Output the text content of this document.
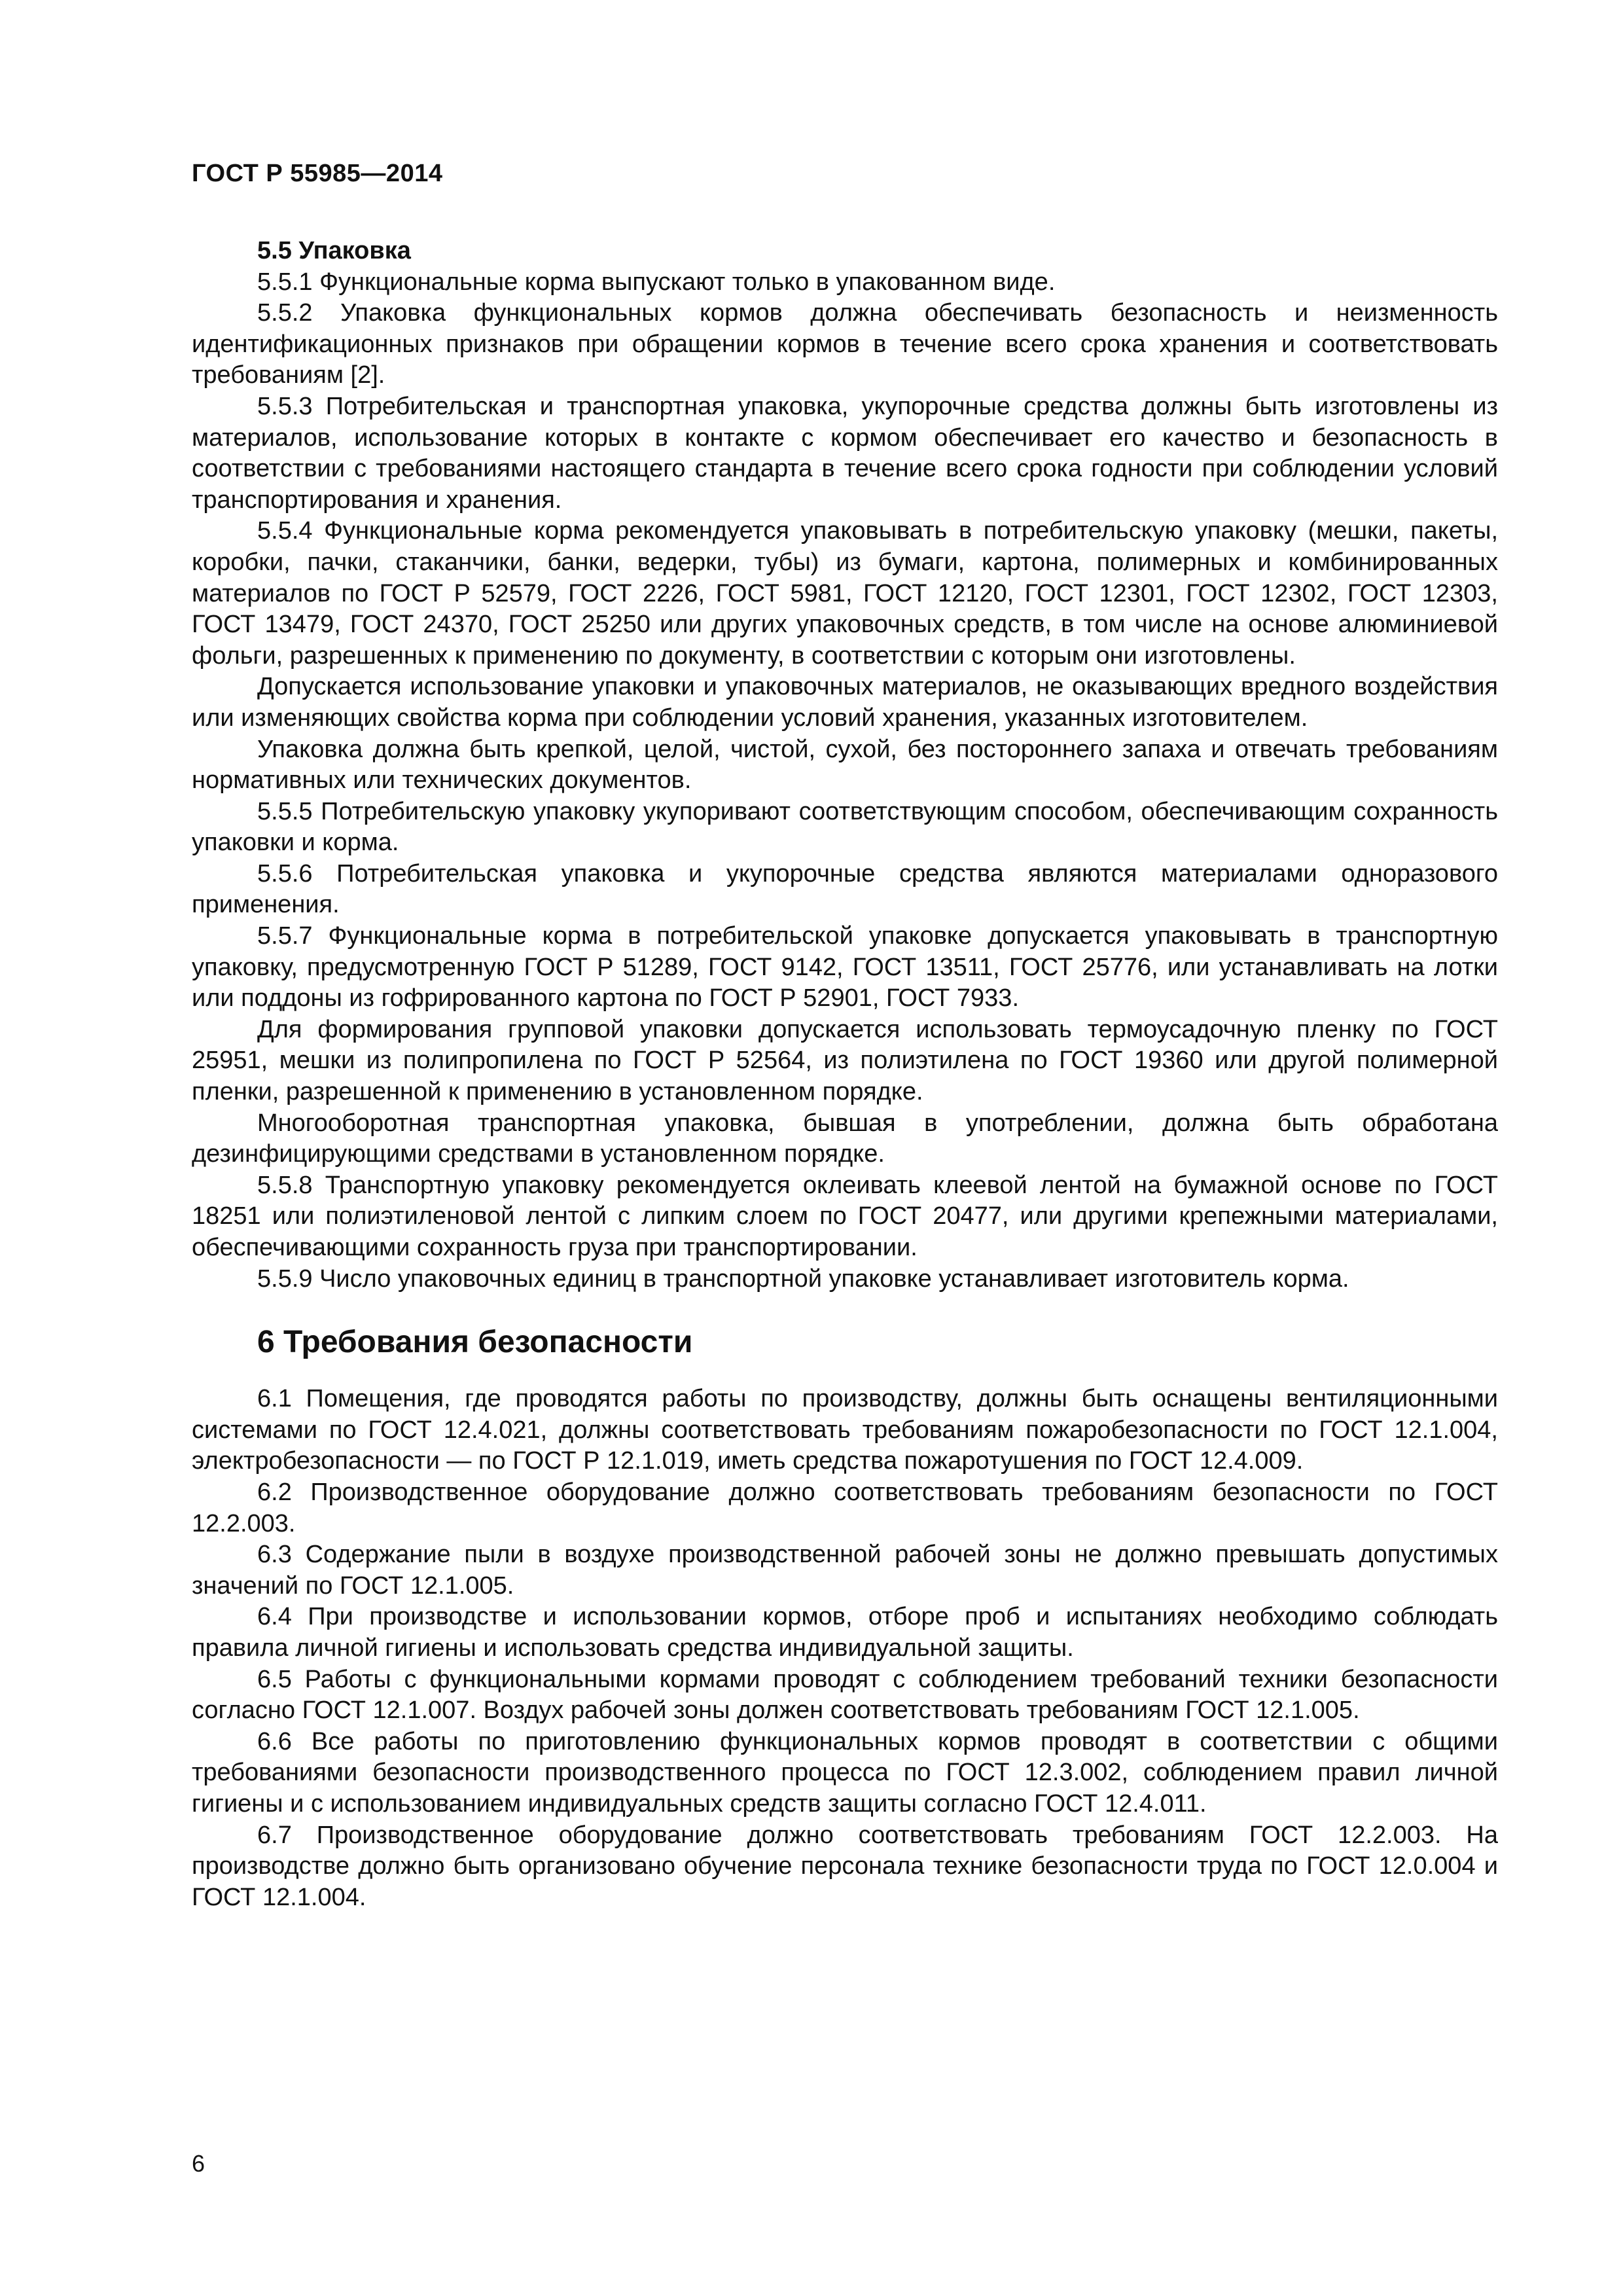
ГОСТ Р 55985—2014
5.5 Упаковка

5.5.1 Функциональные корма выпускают только в упакованном виде.

5.5.2 Упаковка функциональных кормов должна обеспечивать безопасность и неизменность идентификационных признаков при обращении кормов в течение всего срока хранения и соответствовать требованиям [2].

5.5.3 Потребительская и транспортная упаковка, укупорочные средства должны быть изготовлены из материалов, использование которых в контакте с кормом обеспечивает его качество и безопасность в соответствии с требованиями настоящего стандарта в течение всего срока годности при соблюдении условий транспортирования и хранения.

5.5.4 Функциональные корма рекомендуется упаковывать в потребительскую упаковку (мешки, пакеты, коробки, пачки, стаканчики, банки, ведерки, тубы) из бумаги, картона, полимерных и комбинированных материалов по ГОСТ Р 52579, ГОСТ 2226, ГОСТ 5981, ГОСТ 12120, ГОСТ 12301, ГОСТ 12302, ГОСТ 12303, ГОСТ 13479, ГОСТ 24370, ГОСТ 25250 или других упаковочных средств, в том числе на основе алюминиевой фольги, разрешенных к применению по документу, в соответствии с которым они изготовлены.

Допускается использование упаковки и упаковочных материалов, не оказывающих вредного воздействия или изменяющих свойства корма при соблюдении условий хранения, указанных изготовителем.

Упаковка должна быть крепкой, целой, чистой, сухой, без постороннего запаха и отвечать требованиям нормативных или технических документов.

5.5.5 Потребительскую упаковку укупоривают соответствующим способом, обеспечивающим сохранность упаковки и корма.

5.5.6 Потребительская упаковка и укупорочные средства являются материалами одноразового применения.

5.5.7 Функциональные корма в потребительской упаковке допускается упаковывать в транспортную упаковку, предусмотренную ГОСТ Р 51289, ГОСТ 9142, ГОСТ 13511, ГОСТ 25776, или устанавливать на лотки или поддоны из гофрированного картона по ГОСТ Р 52901, ГОСТ 7933.

Для формирования групповой упаковки допускается использовать термоусадочную пленку по ГОСТ 25951, мешки из полипропилена по ГОСТ Р 52564, из полиэтилена по ГОСТ 19360 или другой полимерной пленки, разрешенной к применению в установленном порядке.

Многооборотная транспортная упаковка, бывшая в употреблении, должна быть обработана дезинфицирующими средствами в установленном порядке.

5.5.8 Транспортную упаковку рекомендуется оклеивать клеевой лентой на бумажной основе по ГОСТ 18251 или полиэтиленовой лентой с липким слоем по ГОСТ 20477, или другими крепежными материалами, обеспечивающими сохранность груза при транспортировании.

5.5.9 Число упаковочных единиц в транспортной упаковке устанавливает изготовитель корма.

6 Требования безопасности

6.1 Помещения, где проводятся работы по производству, должны быть оснащены вентиляционными системами по ГОСТ 12.4.021, должны соответствовать требованиям пожаробезопасности по ГОСТ 12.1.004, электробезопасности — по ГОСТ Р 12.1.019, иметь средства пожаротушения по ГОСТ 12.4.009.

6.2 Производственное оборудование должно соответствовать требованиям безопасности по ГОСТ 12.2.003.

6.3 Содержание пыли в воздухе производственной рабочей зоны не должно превышать допустимых значений по ГОСТ 12.1.005.

6.4 При производстве и использовании кормов, отборе проб и испытаниях необходимо соблюдать правила личной гигиены и использовать средства индивидуальной защиты.

6.5 Работы с функциональными кормами проводят с соблюдением требований техники безопасности согласно ГОСТ 12.1.007. Воздух рабочей зоны должен соответствовать требованиям ГОСТ 12.1.005.

6.6 Все работы по приготовлению функциональных кормов проводят в соответствии с общими требованиями безопасности производственного процесса по ГОСТ 12.3.002, соблюдением правил личной гигиены и с использованием индивидуальных средств защиты согласно ГОСТ 12.4.011.

6.7 Производственное оборудование должно соответствовать требованиям ГОСТ 12.2.003. На производстве должно быть организовано обучение персонала технике безопасности труда по ГОСТ 12.0.004 и ГОСТ 12.1.004.

6
